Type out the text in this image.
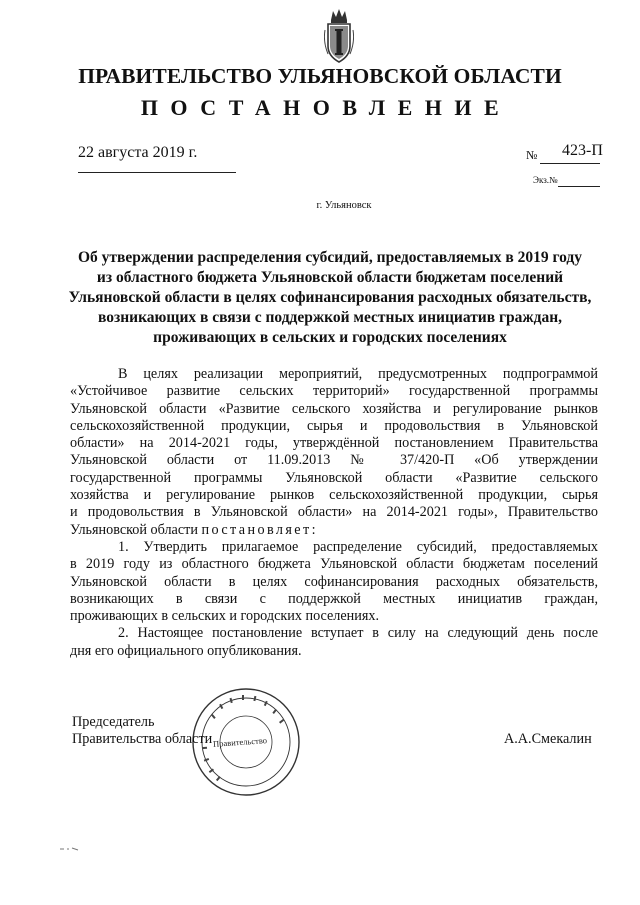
ПРАВИТЕЛЬСТВО УЛЬЯНОВСКОЙ ОБЛАСТИ
ПОСТАНОВЛЕНИЕ
22 августа 2019 г.	№ 423-П
Экз.№
г. Ульяновск
Об утверждении распределения субсидий, предоставляемых в 2019 году
из областного бюджета Ульяновской области бюджетам поселений
Ульяновской области в целях софинансирования расходных обязательств,
возникающих в связи с поддержкой местных инициатив граждан,
проживающих в сельских и городских поселениях

В целях реализации мероприятий, предусмотренных подпрограммой
«Устойчивое развитие сельских территорий» государственной программы
Ульяновской области «Развитие сельского хозяйства и регулирование рынков
сельскохозяйственной продукции, сырья и продовольствия в Ульяновской
области» на 2014-2021 годы, утверждённой постановлением Правительства
Ульяновской области от 11.09.2013 № 37/420-П «Об утверждении
государственной программы Ульяновской области «Развитие сельского
хозяйства и регулирование рынков сельскохозяйственной продукции, сырья
и продовольствия в Ульяновской области» на 2014-2021 годы», Правительство
Ульяновской области постановляет:

1. Утвердить прилагаемое распределение субсидий, предоставляемых
в 2019 году из областного бюджета Ульяновской области бюджетам поселений
Ульяновской области в целях софинансирования расходных обязательств,
возникающих в связи с поддержкой местных инициатив граждан,
проживающих в сельских и городских поселениях.

2. Настоящее постановление вступает в силу на следующий день после
дня его официального опубликования.

Правительство
Председатель
Правительства области	А.А.Смекалин
